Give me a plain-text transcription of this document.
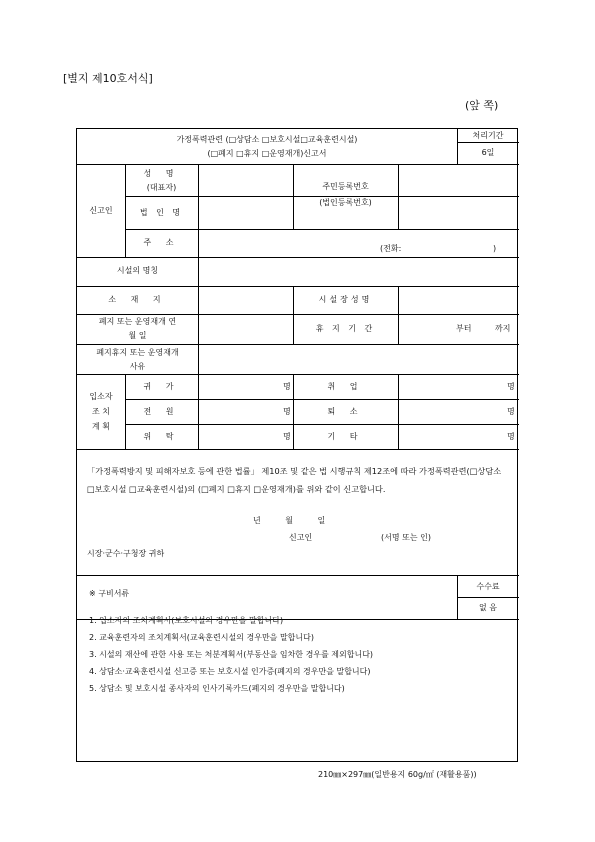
[별지 제10호서식]
(앞 쪽)
가정폭력관련 (□상담소 □보호시설□교육훈련시설)
(□폐지 □휴지 □운영재개)신고서
처리기간
6일
신고인
성 명
(대표자)
법 인 명
주민등록번호
(법인등록번호)
주 소
(전화:	)
시설의 명칭
소 재 지	시설장성명
폐지 또는 운영재개 연
월 일
휴 지 기 간	부터	까지
폐지휴지 또는 운영재개
사유
입소자
조 치
계 획
귀 가	명	취 업	명
전 원	명	퇴 소	명
위 탁	명	기 타	명
「가정폭력방지 및 피해자보호 등에 관한 법률」 제10조 및 같은 법 시행규칙 제12조에 따라 가정폭력관련(□상담소 □보호시설 □교육훈련시설)의 (□폐지 □휴지 □운영재개)를 위와 같이 신고합니다.
년 월 일
신고인	(서명 또는 인)
시장·군수·구청장 귀하
※ 구비서류
수수료
없 음
1. 입소자의 조치계획서(보호시설의 경우만을 말합니다)
2. 교육훈련자의 조치계획서(교육훈련시설의 경우만을 말합니다)
3. 시설의 재산에 관한 사용 또는 처분계획서(부동산을 임차한 경우를 제외합니다)
4. 상담소·교육훈련시설 신고증 또는 보호시설 인가증(폐지의 경우만을 말합니다)
5. 상담소 및 보호시설 종사자의 인사기록카드(폐지의 경우만을 말합니다)
210㎜×297㎜(일반용지 60g/㎡ (재활용품))
